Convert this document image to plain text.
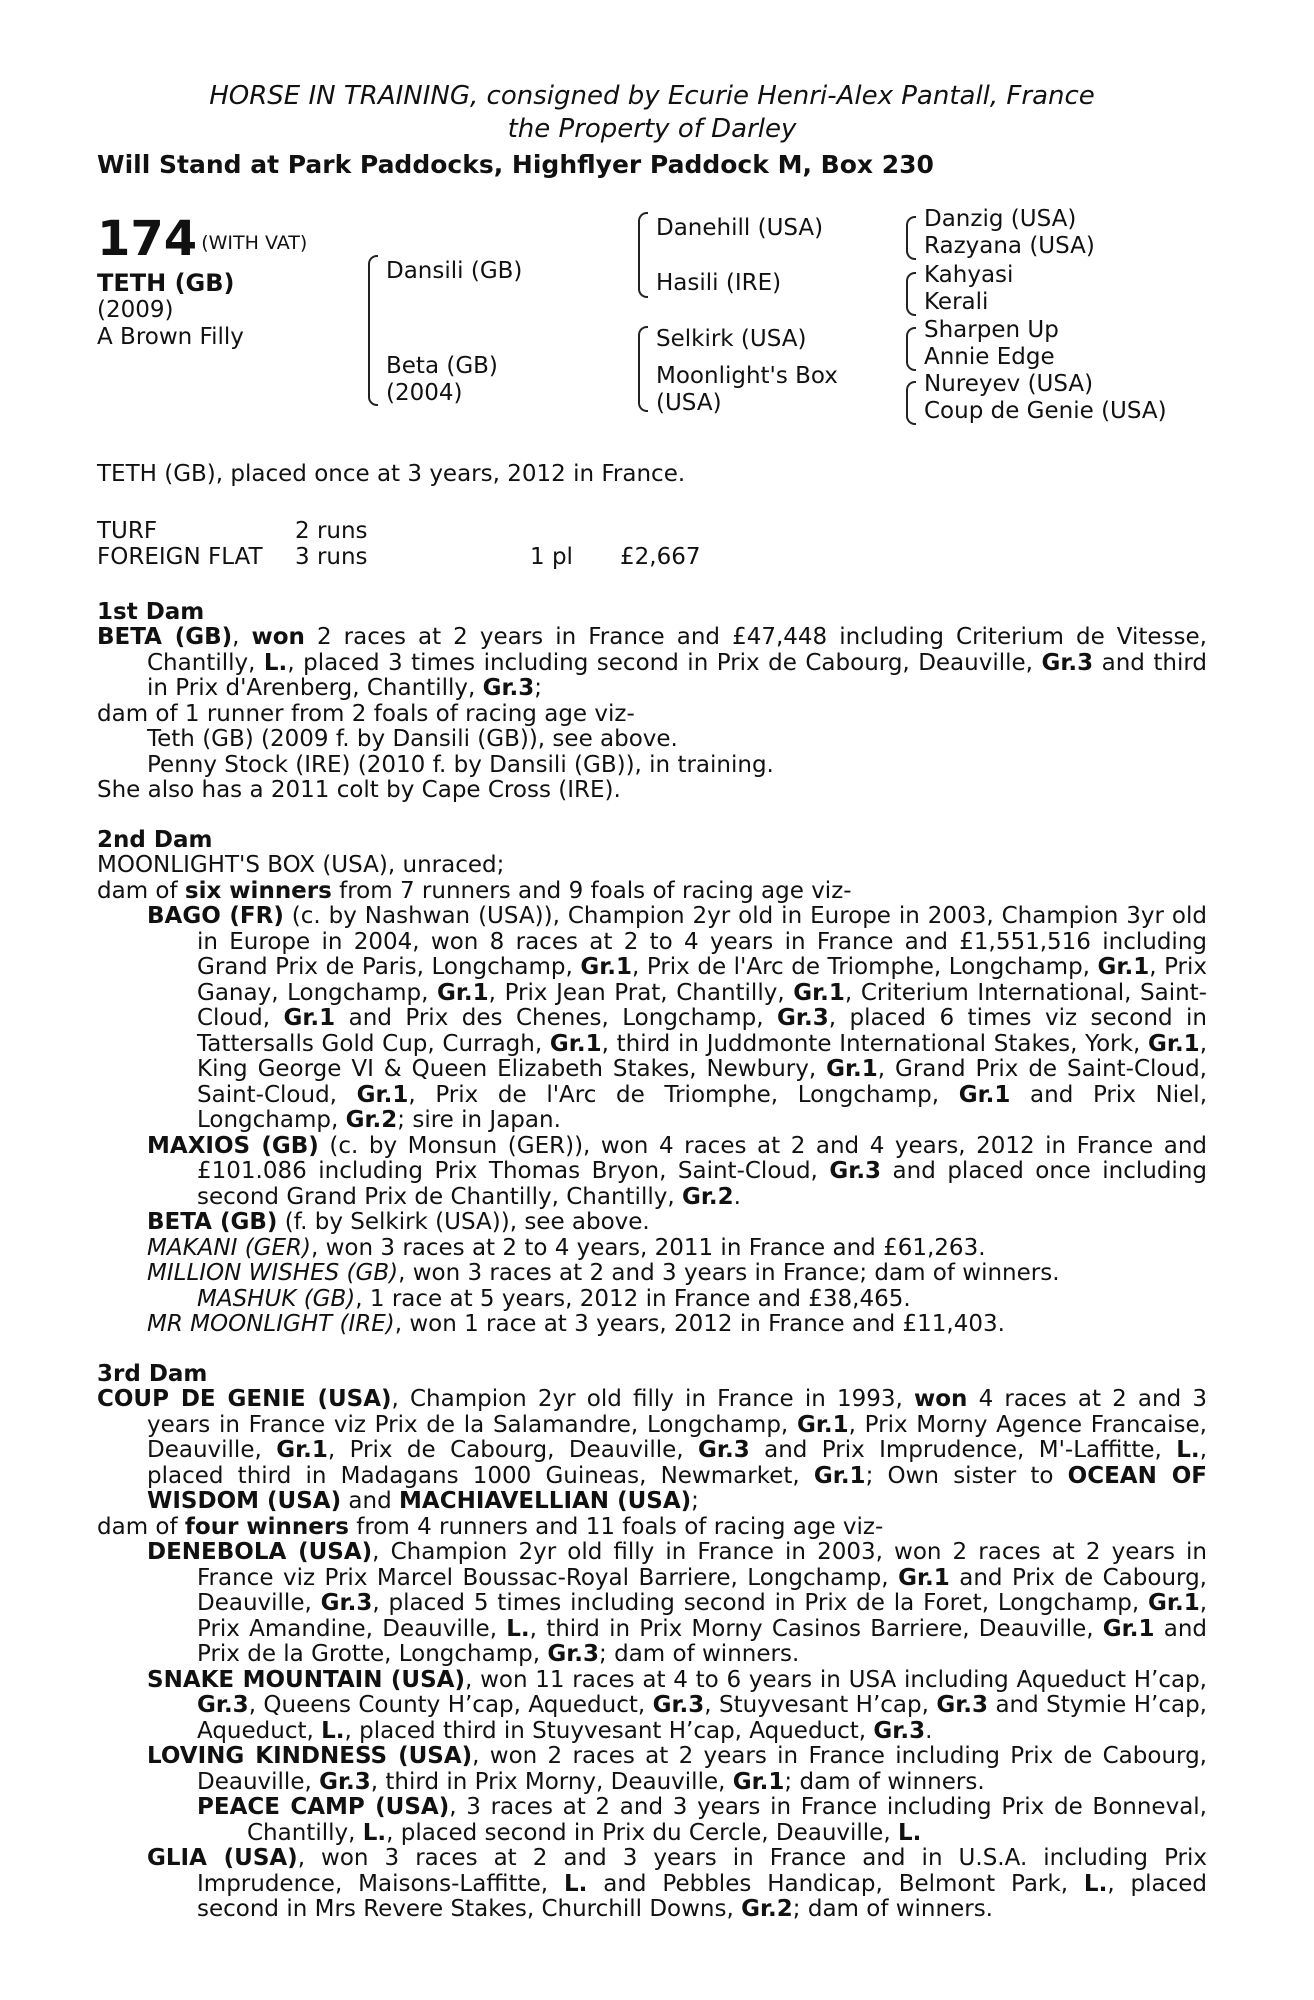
HORSE IN TRAINING, consigned by Ecurie Henri-Alex Pantall, France
the Property of Darley
Will Stand at Park Paddocks, Highflyer Paddock M, Box 230
174 $^{(WITH VAT)}$
TETH (GB)
(2009)
A Brown Filly
Dansili (GB)
Beta (GB)
(2004)
Danehill (USA)
Hasili (IRE)
Selkirk (USA)
Moonlight's Box
(USA)
Danzig (USA)
Razyana (USA)
Kahyasi
Kerali
Sharpen Up
Annie Edge
Nureyev (USA)
Coup de Genie (USA)

TETH (GB), placed once at 3 years, 2012 in France.

TURF	2 runs
FOREIGN FLAT	3 runs	1 pl	£2,667

1st Dam

BETA (GB), won 2 races at 2 years in France and £47,448 including Criterium de Vitesse, Chantilly, L., placed 3 times including second in Prix de Cabourg, Deauville, Gr.3 and third in Prix d'Arenberg, Chantilly, Gr.3;

dam of 1 runner from 2 foals of racing age viz-

Teth (GB) (2009 f. by Dansili (GB)), see above.

Penny Stock (IRE) (2010 f. by Dansili (GB)), in training.

She also has a 2011 colt by Cape Cross (IRE).

2nd Dam

MOONLIGHT'S BOX (USA), unraced;

dam of six winners from 7 runners and 9 foals of racing age viz-

BAGO (FR) (c. by Nashwan (USA)), Champion 2yr old in Europe in 2003, Champion 3yr old in Europe in 2004, won 8 races at 2 to 4 years in France and £1,551,516 including Grand Prix de Paris, Longchamp, Gr.1, Prix de l'Arc de Triomphe, Longchamp, Gr.1, Prix Ganay, Longchamp, Gr.1, Prix Jean Prat, Chantilly, Gr.1, Criterium International, Saint-Cloud, Gr.1 and Prix des Chenes, Longchamp, Gr.3, placed 6 times viz second in Tattersalls Gold Cup, Curragh, Gr.1, third in Juddmonte International Stakes, York, Gr.1, King George VI & Queen Elizabeth Stakes, Newbury, Gr.1, Grand Prix de Saint-Cloud, Saint-Cloud, Gr.1, Prix de l'Arc de Triomphe, Longchamp, Gr.1 and Prix Niel, Longchamp, Gr.2; sire in Japan.

MAXIOS (GB) (c. by Monsun (GER)), won 4 races at 2 and 4 years, 2012 in France and £101.086 including Prix Thomas Bryon, Saint-Cloud, Gr.3 and placed once including second Grand Prix de Chantilly, Chantilly, Gr.2.

BETA (GB) (f. by Selkirk (USA)), see above.

MAKANI (GER), won 3 races at 2 to 4 years, 2011 in France and £61,263.

MILLION WISHES (GB), won 3 races at 2 and 3 years in France; dam of winners.

MASHUK (GB), 1 race at 5 years, 2012 in France and £38,465.

MR MOONLIGHT (IRE), won 1 race at 3 years, 2012 in France and £11,403.

3rd Dam

COUP DE GENIE (USA), Champion 2yr old filly in France in 1993, won 4 races at 2 and 3 years in France viz Prix de la Salamandre, Longchamp, Gr.1, Prix Morny Agence Francaise, Deauville, Gr.1, Prix de Cabourg, Deauville, Gr.3 and Prix Imprudence, M'-Laffitte, L., placed third in Madagans 1000 Guineas, Newmarket, Gr.1; Own sister to OCEAN OF WISDOM (USA) and MACHIAVELLIAN (USA);

dam of four winners from 4 runners and 11 foals of racing age viz-

DENEBOLA (USA), Champion 2yr old filly in France in 2003, won 2 races at 2 years in France viz Prix Marcel Boussac-Royal Barriere, Longchamp, Gr.1 and Prix de Cabourg, Deauville, Gr.3, placed 5 times including second in Prix de la Foret, Longchamp, Gr.1, Prix Amandine, Deauville, L., third in Prix Morny Casinos Barriere, Deauville, Gr.1 and Prix de la Grotte, Longchamp, Gr.3; dam of winners.

SNAKE MOUNTAIN (USA), won 11 races at 4 to 6 years in USA including Aqueduct H’cap, Gr.3, Queens County H’cap, Aqueduct, Gr.3, Stuyvesant H’cap, Gr.3 and Stymie H’cap, Aqueduct, L., placed third in Stuyvesant H’cap, Aqueduct, Gr.3.

LOVING KINDNESS (USA), won 2 races at 2 years in France including Prix de Cabourg, Deauville, Gr.3, third in Prix Morny, Deauville, Gr.1; dam of winners.

PEACE CAMP (USA), 3 races at 2 and 3 years in France including Prix de Bonneval, Chantilly, L., placed second in Prix du Cercle, Deauville, L.

GLIA (USA), won 3 races at 2 and 3 years in France and in U.S.A. including Prix Imprudence, Maisons-Laffitte, L. and Pebbles Handicap, Belmont Park, L., placed second in Mrs Revere Stakes, Churchill Downs, Gr.2; dam of winners.
